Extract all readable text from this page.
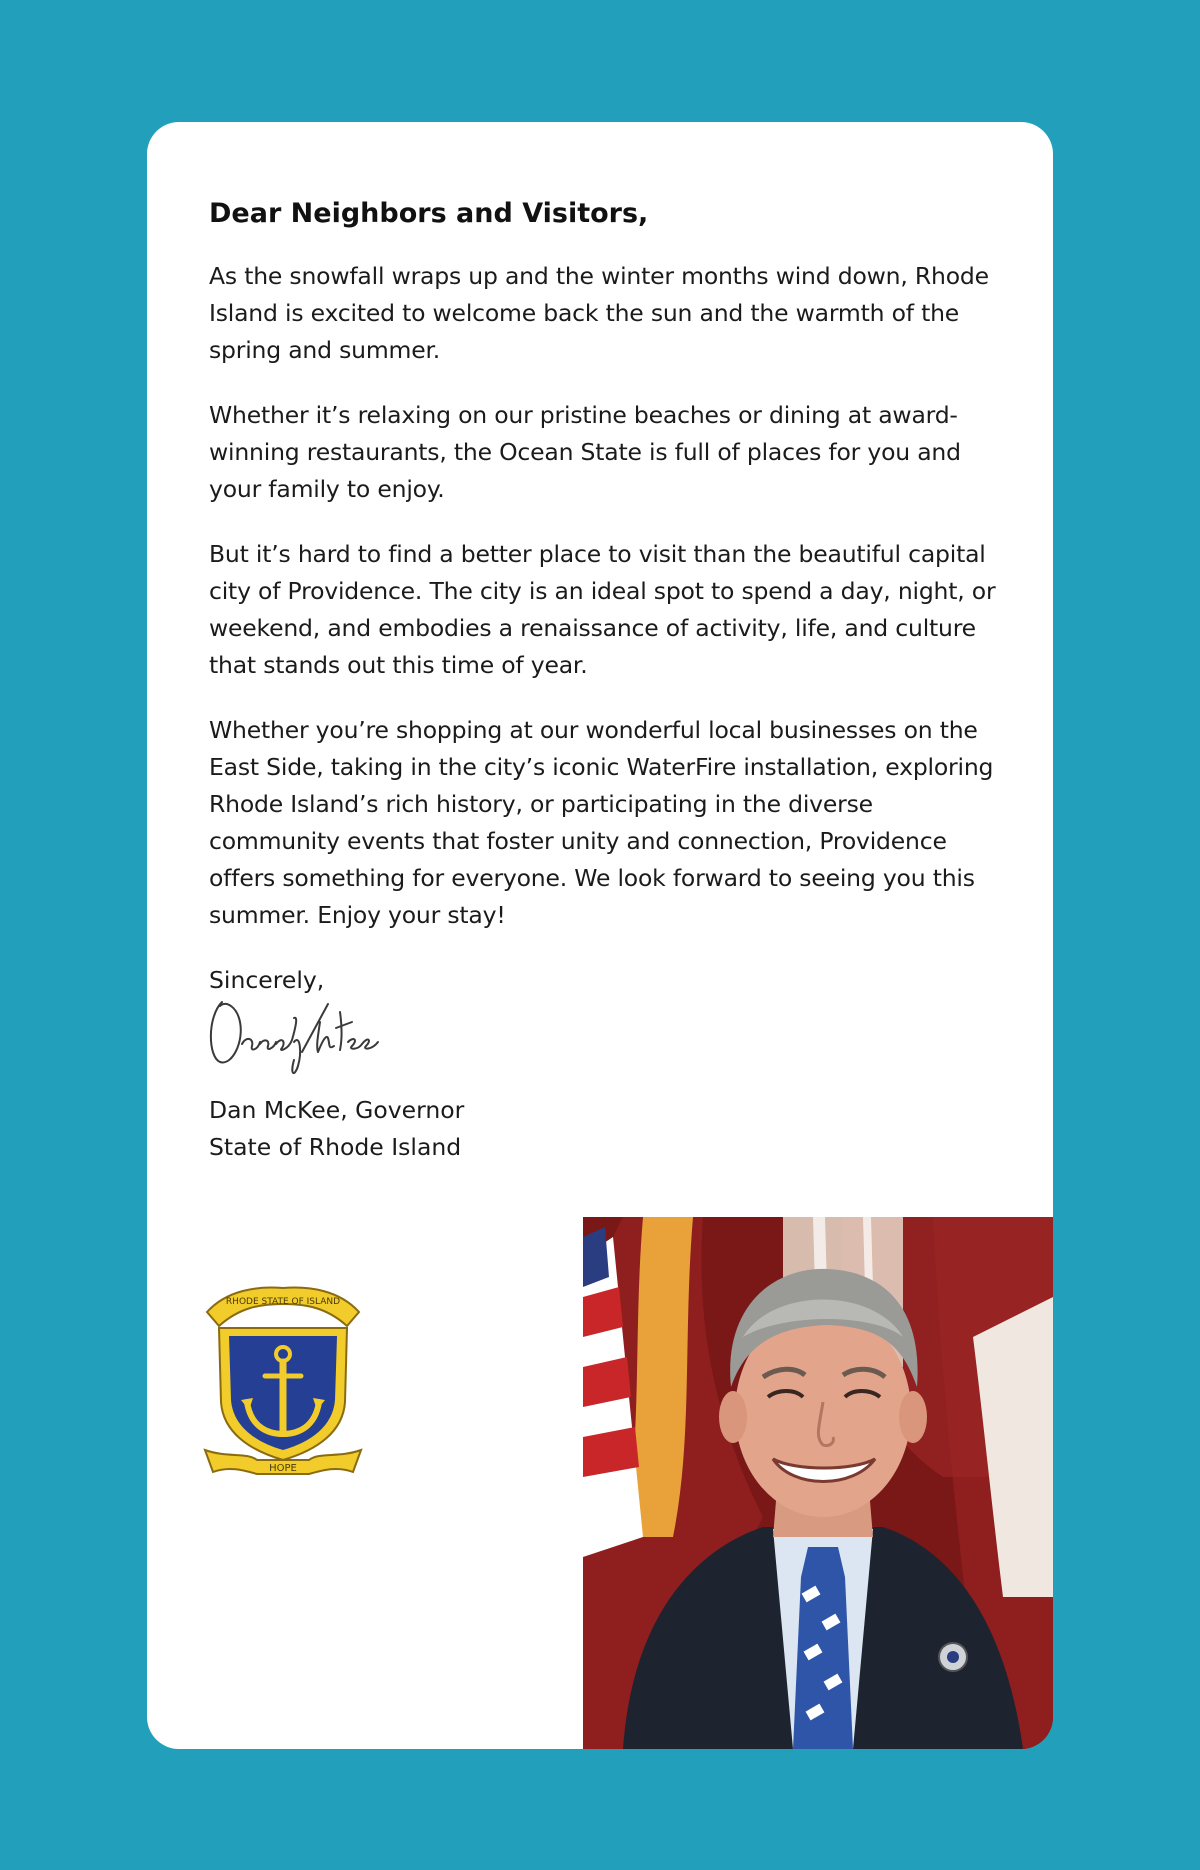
Dear Neighbors and Visitors,

As the snowfall wraps up and the winter months wind down, Rhode Island is excited to welcome back the sun and the warmth of the spring and summer.

Whether it’s relaxing on our pristine beaches or dining at award-winning restaurants, the Ocean State is full of places for you and your family to enjoy.

But it’s hard to find a better place to visit than the beautiful capital city of Providence. The city is an ideal spot to spend a day, night, or weekend, and embodies a renaissance of activity, life, and culture that stands out this time of year.

Whether you’re shopping at our wonderful local businesses on the East Side, taking in the city’s iconic WaterFire installation, exploring Rhode Island’s rich history, or participating in the diverse community events that foster unity and connection, Providence offers something for everyone. We look forward to seeing you this summer. Enjoy your stay!

Sincerely,

Dan McKee, Governor
State of Rhode Island
RHODE STATE OF ISLAND
HOPE
